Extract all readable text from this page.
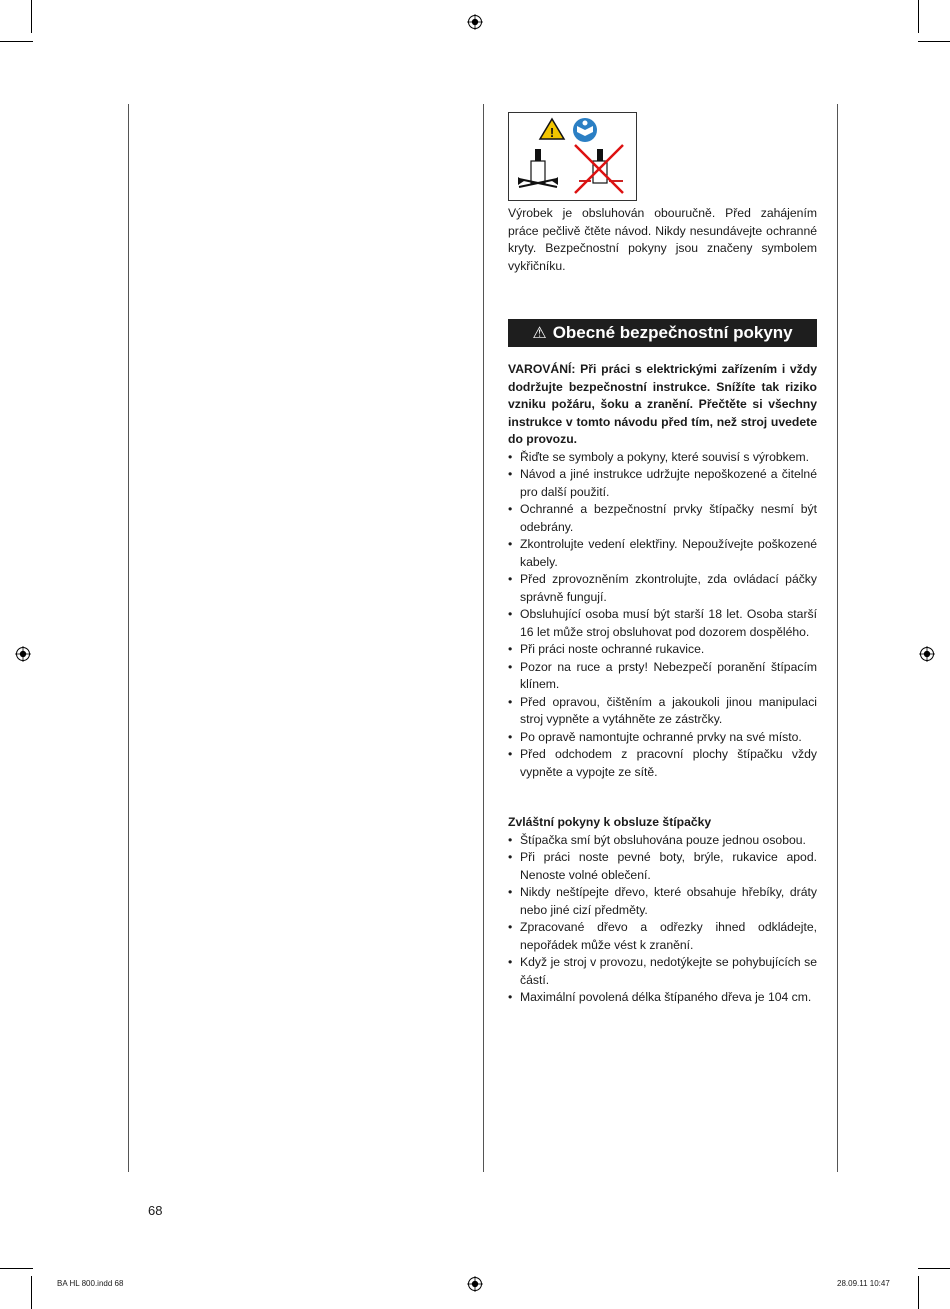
!
Výrobek je obsluhován obouručně. Před zahájením práce pečlivě čtěte návod. Nikdy nesundávejte ochranné kryty. Bezpečnostní pokyny jsou značeny symbolem vykřičníku.
⚠ Obecné bezpečnostní pokyny
VAROVÁNÍ: Při práci s elektrickými zařízením i vždy dodržujte bezpečnostní instrukce. Snížíte tak riziko vzniku požáru, šoku a zranění. Přečtěte si všechny instrukce v tomto návodu před tím, než stroj uvedete do provozu.
• Řiďte se symboly a pokyny, které souvisí s výrobkem.
• Návod a jiné instrukce udržujte nepoškozené a čitelné pro další použití.
• Ochranné a bezpečnostní prvky štípačky nesmí být odebrány.
• Zkontrolujte vedení elektřiny. Nepoužívejte poškozené kabely.
• Před zprovozněním zkontrolujte, zda ovládací páčky správně fungují.
• Obsluhující osoba musí být starší 18 let. Osoba starší 16 let může stroj obsluhovat pod dozorem dospělého.
• Při práci noste ochranné rukavice.
• Pozor na ruce a prsty! Nebezpečí poranění štípacím klínem.
• Před opravou, čištěním a jakoukoli jinou manipulaci stroj vypněte a vytáhněte ze zástrčky.
• Po opravě namontujte ochranné prvky na své místo.
• Před odchodem z pracovní plochy štípačku vždy vypněte a vypojte ze sítě.
Zvláštní pokyny k obsluze štípačky
• Štípačka smí být obsluhována pouze jednou osobou.
• Při práci noste pevné boty, brýle, rukavice apod. Nenoste volné oblečení.
• Nikdy neštípejte dřevo, které obsahuje hřebíky, dráty nebo jiné cizí předměty.
• Zpracované dřevo a odřezky ihned odkládejte, nepořádek může vést k zranění.
• Když je stroj v provozu, nedotýkejte se pohybujících se částí.
• Maximální povolená délka štípaného dřeva je 104 cm.
68
BA HL 800.indd 68	28.09.11 10:47
